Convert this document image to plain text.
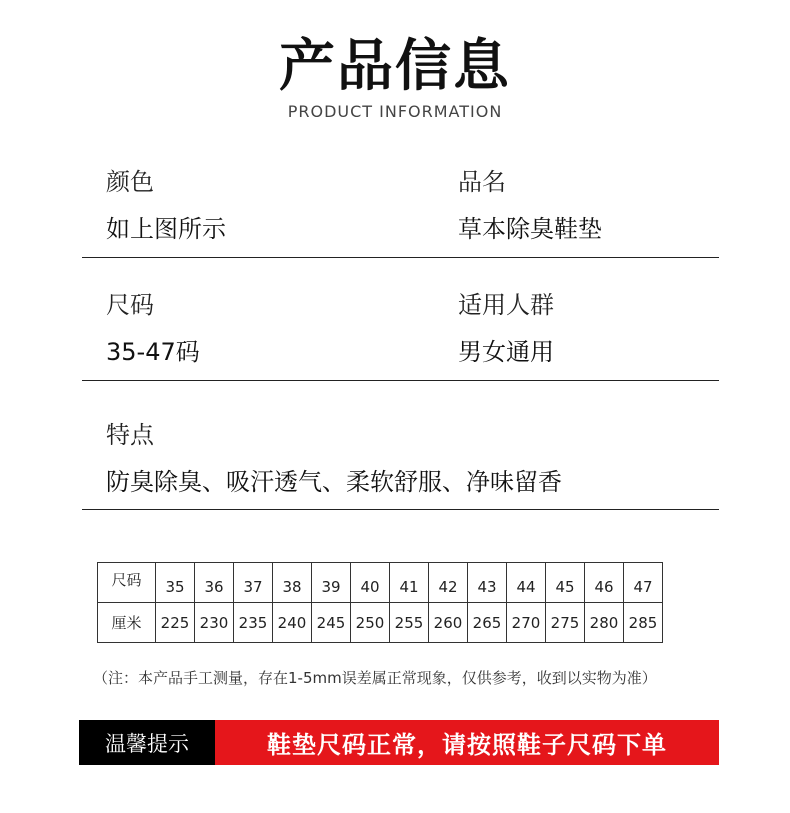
产品信息
PRODUCT INFORMATION
颜色
如上图所示
品名
草本除臭鞋垫
尺码
35-47码
适用人群
男女通用
特点
防臭除臭、吸汗透气、柔软舒服、净味留香
尺码	35	36	37	38	39	40	41	42	43	44	45	46	47
厘米	225	230	235	240	245	250	255	260	265	270	275	280	285
（注：本产品手工测量，存在1-5mm误差属正常现象，仅供参考，收到以实物为准）
温馨提示	鞋垫尺码正常，请按照鞋子尺码下单
